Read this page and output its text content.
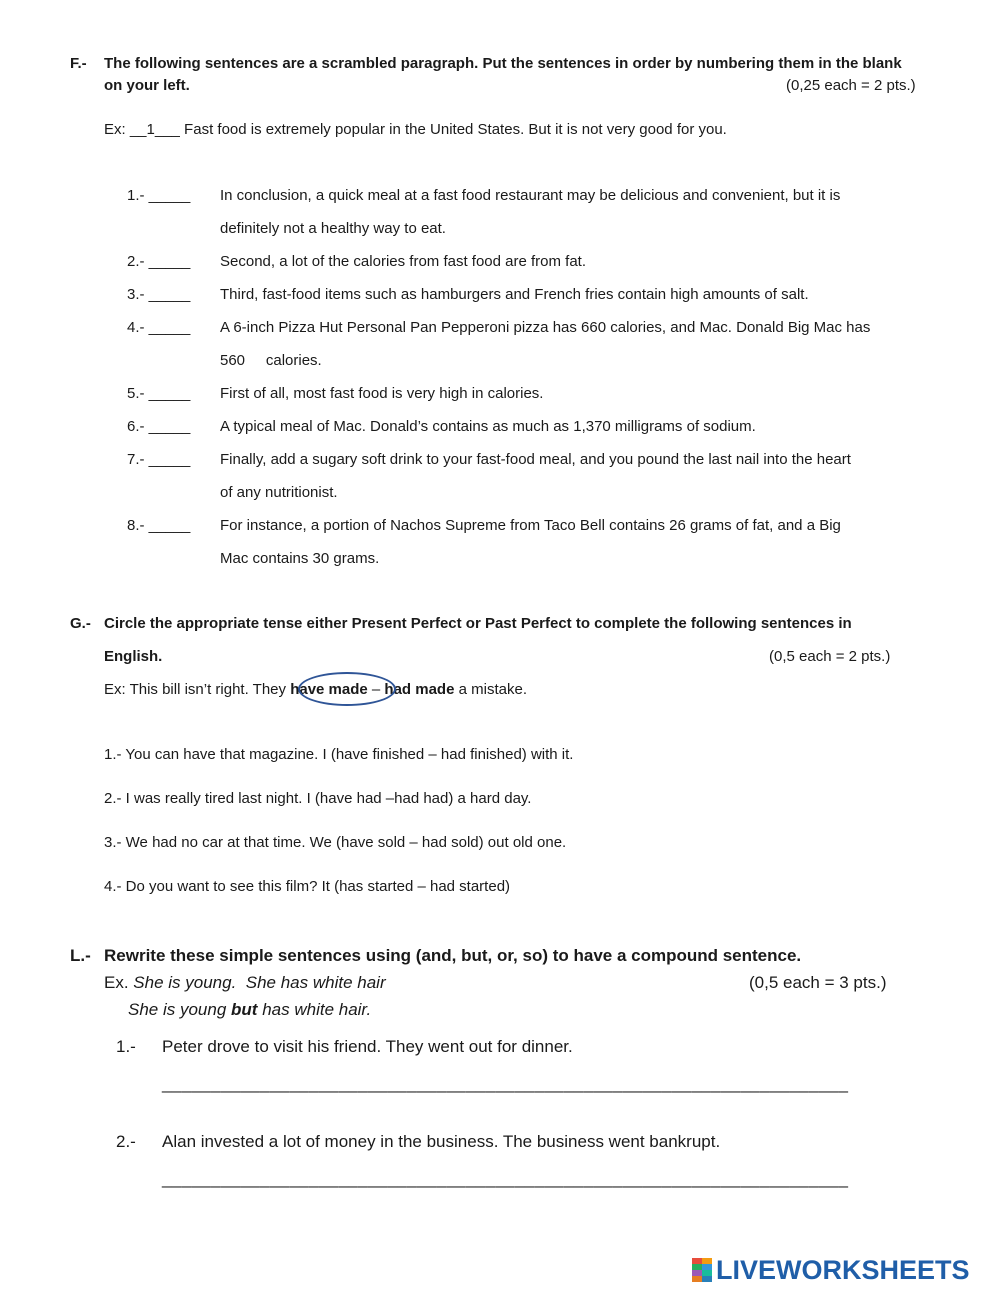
F.- The following sentences are a scrambled paragraph. Put the sentences in order by numbering them in the blank
on your left.	(0,25 each = 2 pts.)
Ex: __1___ Fast food is extremely popular in the United States. But it is not very good for you.
1.- _____ In conclusion, a quick meal at a fast food restaurant may be delicious and convenient, but it is
definitely not a healthy way to eat.
2.- _____ Second, a lot of the calories from fast food are from fat.
3.- _____ Third, fast-food items such as hamburgers and French fries contain high amounts of salt.
4.- _____ A 6-inch Pizza Hut Personal Pan Pepperoni pizza has 660 calories, and Mac. Donald Big Mac has
560     calories.
5.- _____ First of all, most fast food is very high in calories.
6.- _____ A typical meal of Mac. Donald’s contains as much as 1,370 milligrams of sodium.
7.- _____ Finally, add a sugary soft drink to your fast-food meal, and you pound the last nail into the heart
of any nutritionist.
8.- _____ For instance, a portion of Nachos Supreme from Taco Bell contains 26 grams of fat, and a Big
Mac contains 30 grams.
G.- Circle the appropriate tense either Present Perfect or Past Perfect to complete the following sentences in
English.	(0,5 each = 2 pts.)
Ex: This bill isn’t right. They have made – had made a mistake.
1.- You can have that magazine. I (have finished – had finished) with it.
2.- I was really tired last night. I (have had –had had) a hard day.
3.- We had no car at that time. We (have sold – had sold) out old one.
4.- Do you want to see this film? It (has started – had started)
L.- Rewrite these simple sentences using (and, but, or, so) to have a compound sentence.
Ex. She is young.  She has white hair	(0,5 each = 3 pts.)
She is young but has white hair.
1.- Peter drove to visit his friend. They went out for dinner.
______________________________________________________________________
2.- Alan invested a lot of money in the business. The business went bankrupt.
______________________________________________________________________
LIVEWORKSHEETS
